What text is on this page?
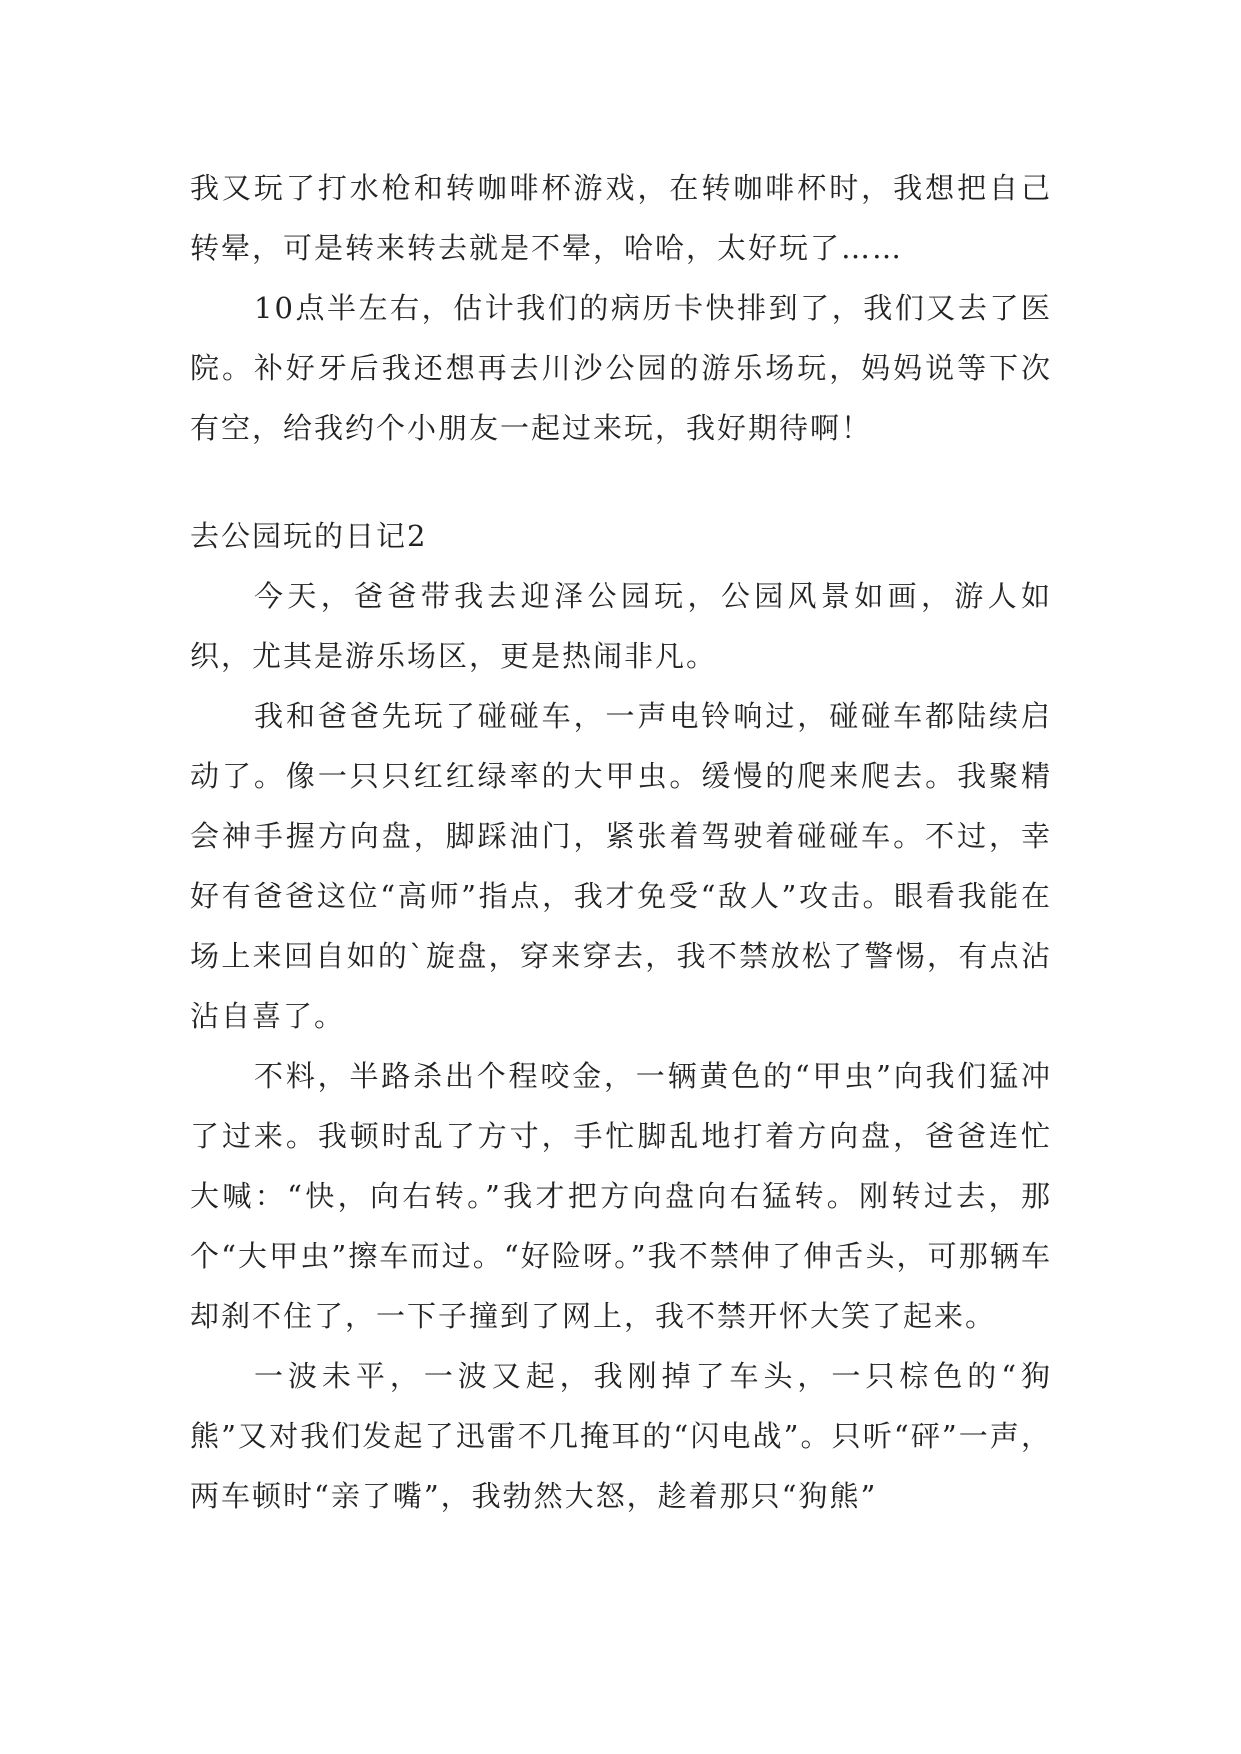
我又玩了打水枪和转咖啡杯游戏，在转咖啡杯时，我想把自己转晕，可是转来转去就是不晕，哈哈，太好玩了……

10点半左右，估计我们的病历卡快排到了，我们又去了医院。补好牙后我还想再去川沙公园的游乐场玩，妈妈说等下次有空，给我约个小朋友一起过来玩，我好期待啊！

去公园玩的日记2

今天，爸爸带我去迎泽公园玩，公园风景如画，游人如织，尤其是游乐场区，更是热闹非凡。

我和爸爸先玩了碰碰车，一声电铃响过，碰碰车都陆续启动了。像一只只红红绿率的大甲虫。缓慢的爬来爬去。我聚精会神手握方向盘，脚踩油门，紧张着驾驶着碰碰车。不过，幸好有爸爸这位“高师”指点，我才免受“敌人”攻击。眼看我能在场上来回自如的`旋盘，穿来穿去，我不禁放松了警惕，有点沾沾自喜了。

不料，半路杀出个程咬金，一辆黄色的“甲虫”向我们猛冲了过来。我顿时乱了方寸，手忙脚乱地打着方向盘，爸爸连忙大喊：“快，向右转。”我才把方向盘向右猛转。刚转过去，那个“大甲虫”擦车而过。“好险呀。”我不禁伸了伸舌头，可那辆车却刹不住了，一下子撞到了网上，我不禁开怀大笑了起来。

一波未平，一波又起，我刚掉了车头，一只棕色的“狗熊”又对我们发起了迅雷不几掩耳的“闪电战”。只听“砰”一声，两车顿时“亲了嘴”，我勃然大怒，趁着那只“狗熊”
